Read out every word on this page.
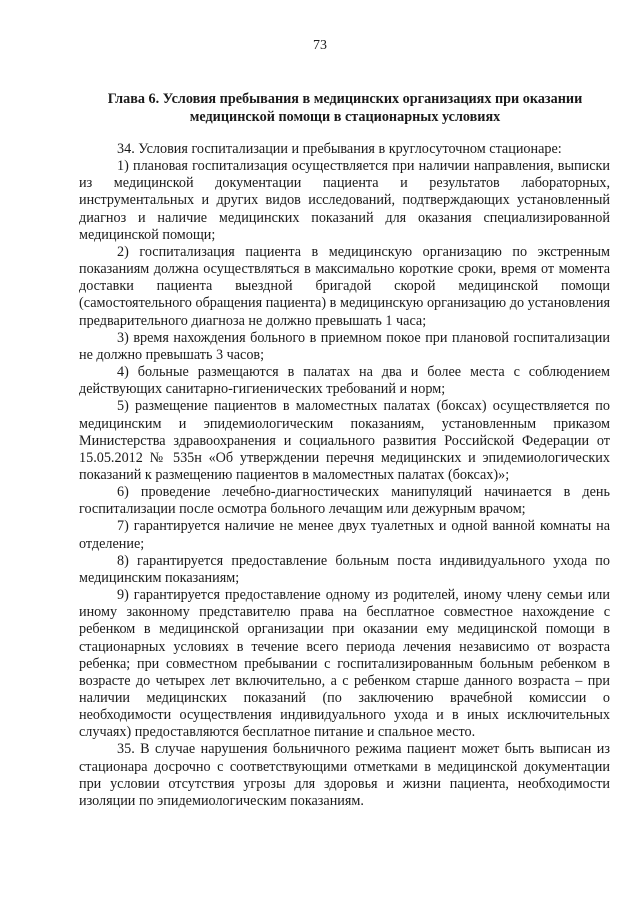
73
Глава 6. Условия пребывания в медицинских организациях при оказании медицинской помощи в стационарных условиях

34. Условия госпитализации и пребывания в круглосуточном стационаре:

1) плановая госпитализация осуществляется при наличии направления, выписки из медицинской документации пациента и результатов лабораторных, инструментальных и других видов исследований, подтверждающих установленный диагноз и наличие медицинских показаний для оказания специализированной медицинской помощи;

2) госпитализация пациента в медицинскую организацию по экстренным показаниям должна осуществляться в максимально короткие сроки, время от момента доставки пациента выездной бригадой скорой медицинской помощи (самостоятельного обращения пациента) в медицинскую организацию до установления предварительного диагноза не должно превышать 1 часа;

3) время нахождения больного в приемном покое при плановой госпитализации не должно превышать 3 часов;

4) больные размещаются в палатах на два и более места с соблюдением действующих санитарно-гигиенических требований и норм;

5) размещение пациентов в маломестных палатах (боксах) осуществляется по медицинским и эпидемиологическим показаниям, установленным приказом Министерства здравоохранения и социального развития Российской Федерации от 15.05.2012 № 535н «Об утверждении перечня медицинских и эпидемиологических показаний к размещению пациентов в маломестных палатах (боксах)»;

6) проведение лечебно-диагностических манипуляций начинается в день госпитализации после осмотра больного лечащим или дежурным врачом;

7) гарантируется наличие не менее двух туалетных и одной ванной комнаты на отделение;

8) гарантируется предоставление больным поста индивидуального ухода по медицинским показаниям;

9) гарантируется предоставление одному из родителей, иному члену семьи или иному законному представителю права на бесплатное совместное нахождение с ребенком в медицинской организации при оказании ему медицинской помощи в стационарных условиях в течение всего периода лечения независимо от возраста ребенка; при совместном пребывании с госпитализированным больным ребенком в возрасте до четырех лет включительно, а с ребенком старше данного возраста – при наличии медицинских показаний (по заключению врачебной комиссии о необходимости осуществления индивидуального ухода и в иных исключительных случаях) предоставляются бесплатное питание и спальное место.

35. В случае нарушения больничного режима пациент может быть выписан из стационара досрочно с соответствующими отметками в медицинской документации при условии отсутствия угрозы для здоровья и жизни пациента, необходимости изоляции по эпидемиологическим показаниям.
